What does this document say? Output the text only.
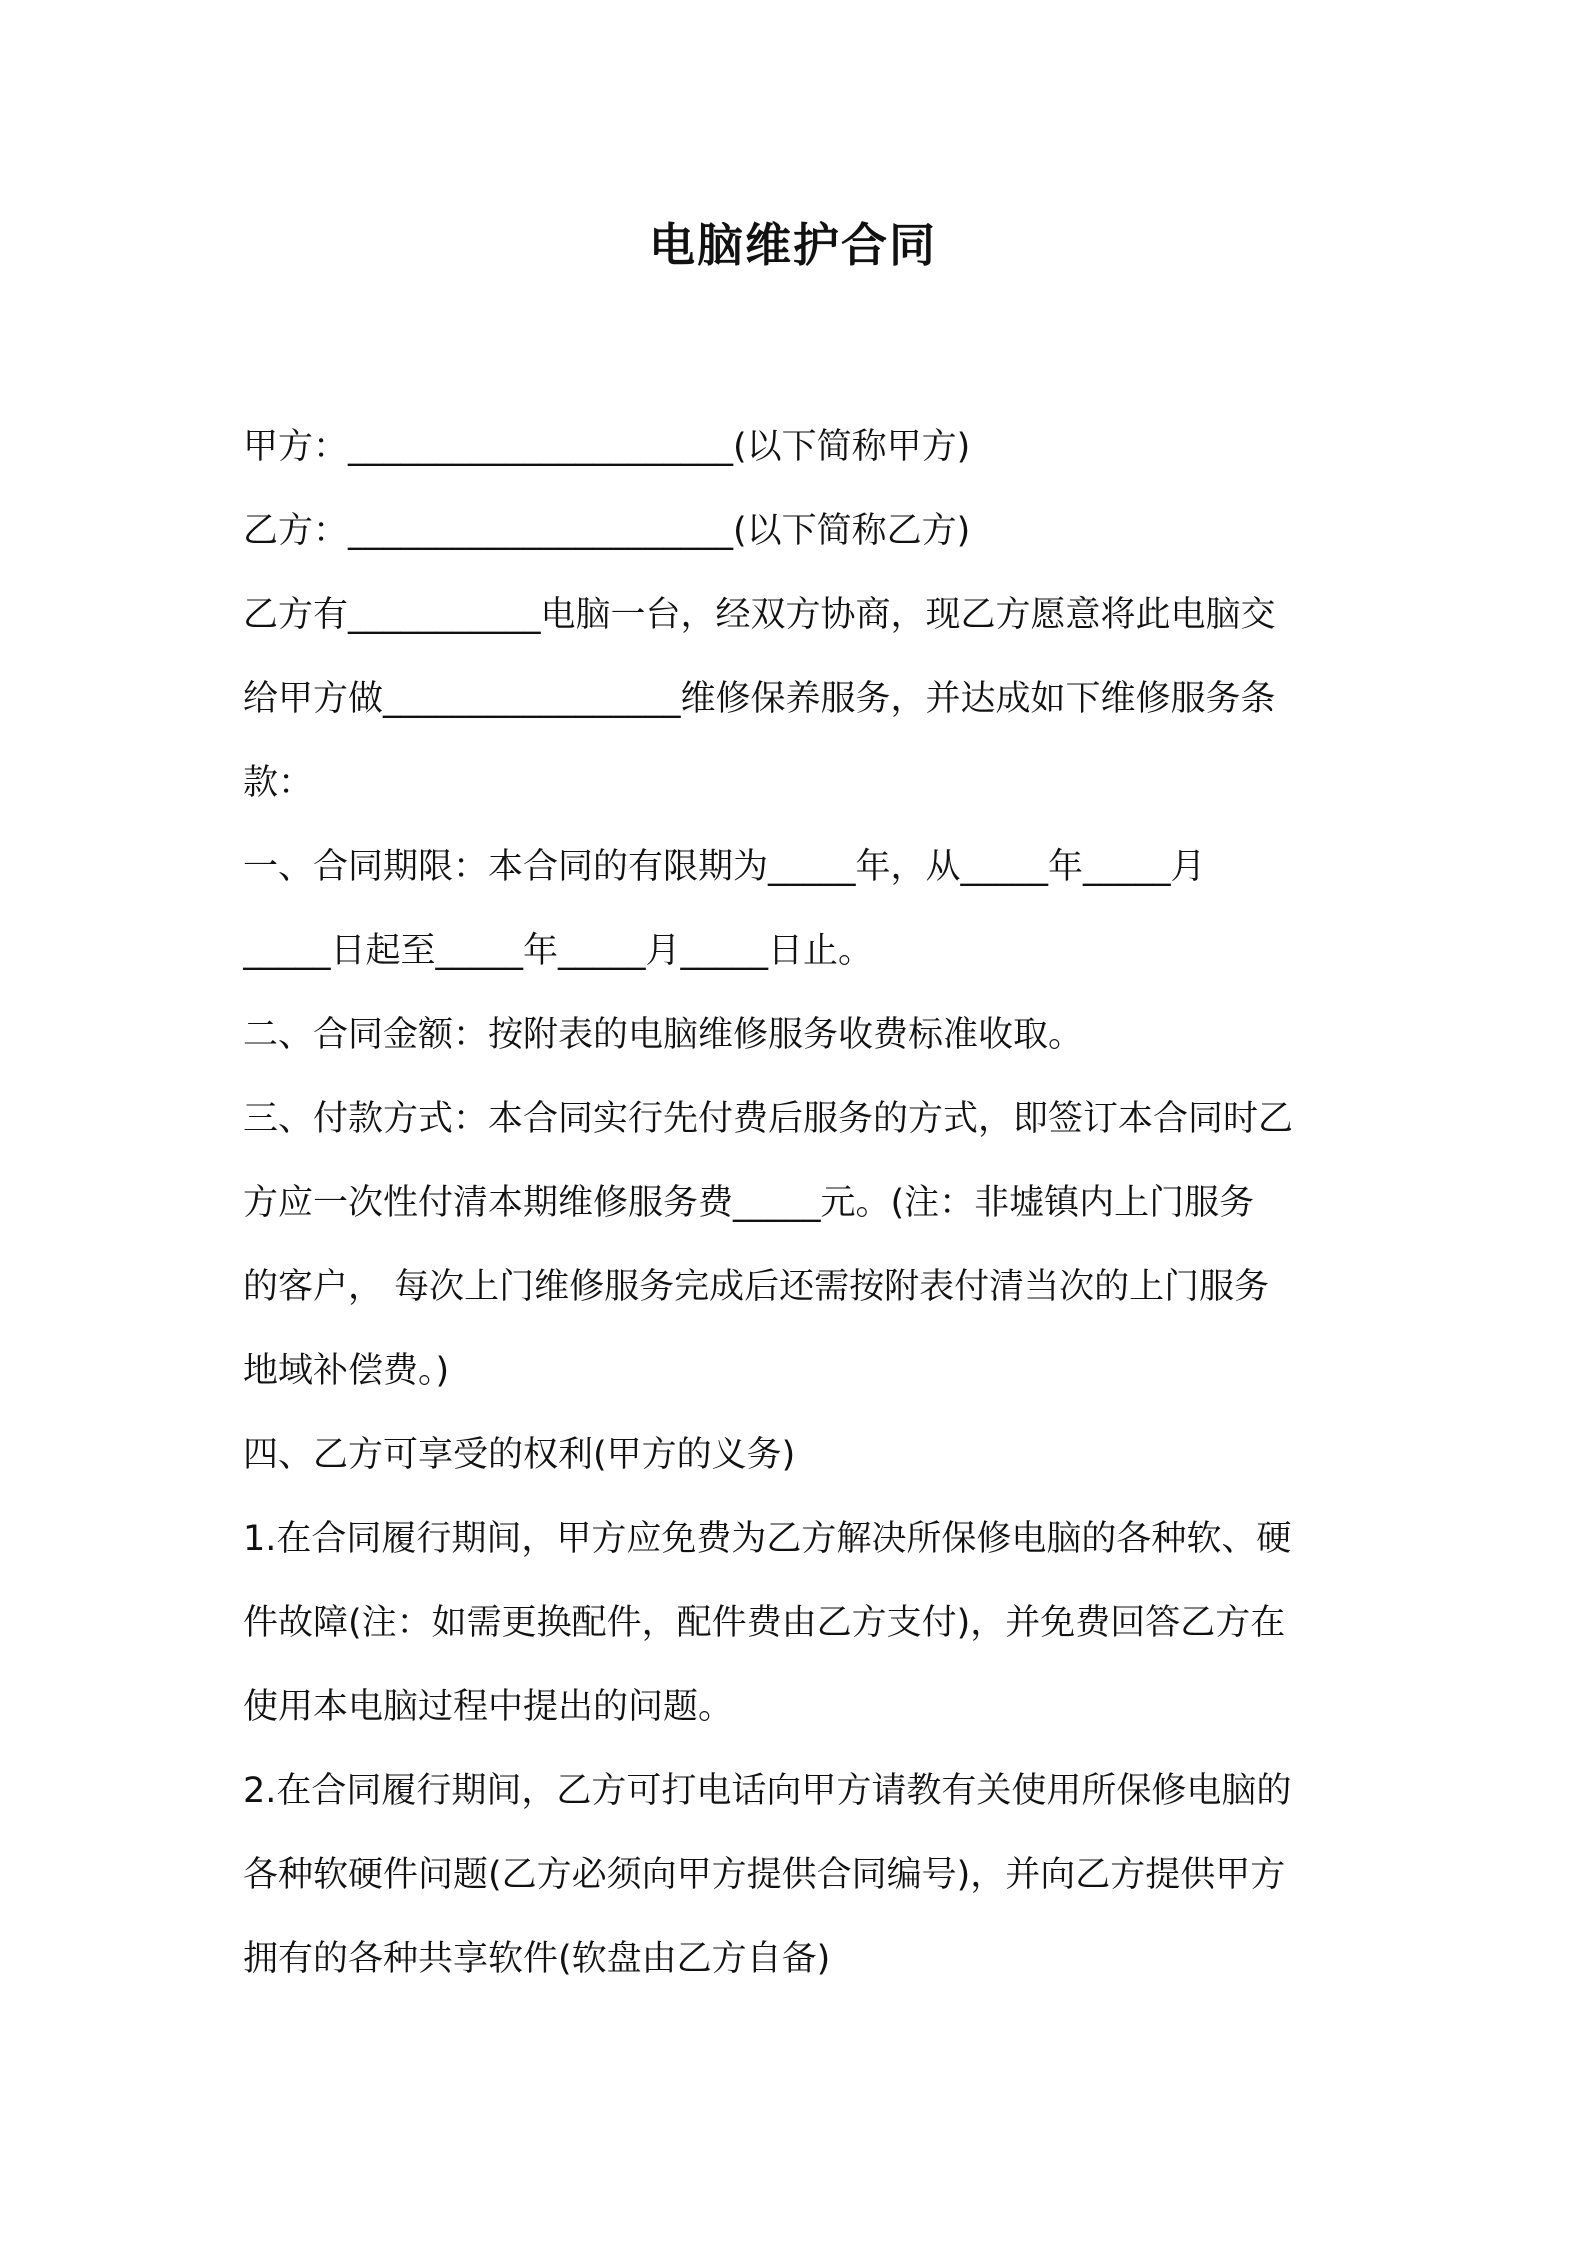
电脑维护合同
甲方：______________________(以下简称甲方)
乙方：______________________(以下简称乙方)
乙方有___________电脑一台，经双方协商，现乙方愿意将此电脑交
给甲方做_________________维修保养服务，并达成如下维修服务条
款：
一、合同期限：本合同的有限期为_____年，从_____年_____月
_____日起至_____年_____月_____日止。
二、合同金额：按附表的电脑维修服务收费标准收取。
三、付款方式：本合同实行先付费后服务的方式，即签订本合同时乙
方应一次性付清本期维修服务费_____元。(注：非墟镇内上门服务
的客户， 每次上门维修服务完成后还需按附表付清当次的上门服务
地域补偿费。)
四、乙方可享受的权利(甲方的义务)
1.在合同履行期间，甲方应免费为乙方解决所保修电脑的各种软、硬
件故障(注：如需更换配件，配件费由乙方支付)，并免费回答乙方在
使用本电脑过程中提出的问题。
2.在合同履行期间，乙方可打电话向甲方请教有关使用所保修电脑的
各种软硬件问题(乙方必须向甲方提供合同编号)，并向乙方提供甲方
拥有的各种共享软件(软盘由乙方自备)
